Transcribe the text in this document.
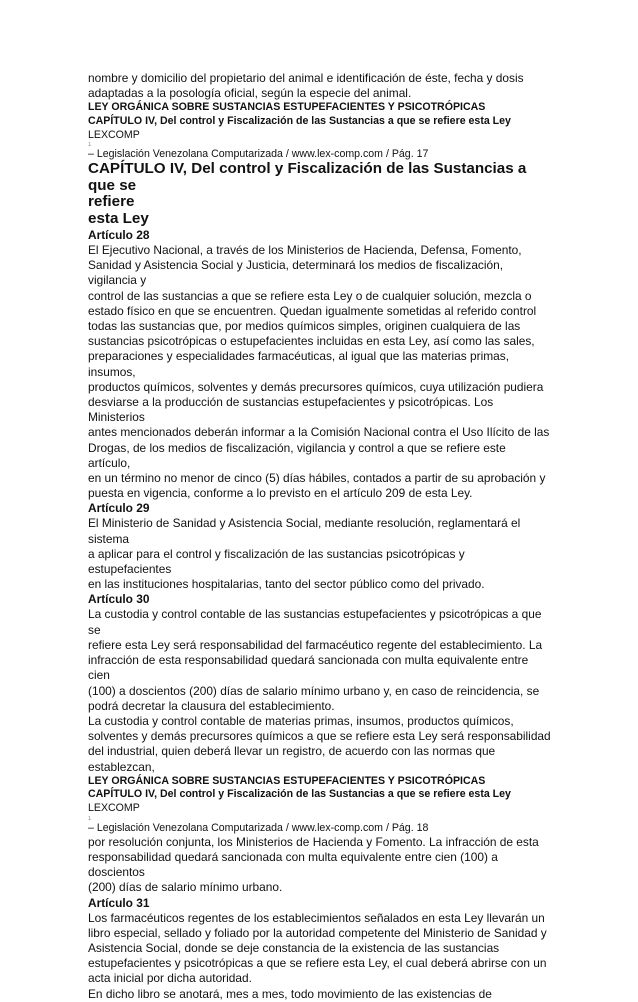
nombre y domicilio del propietario del animal e identificación de éste, fecha y dosis

adaptadas a la posología oficial, según la especie del animal.

LEY ORGÁNICA SOBRE SUSTANCIAS ESTUPEFACIENTES Y PSICOTRÓPICAS

CAPÍTULO IV, Del control y Fiscalización de las Sustancias a que se refiere esta Ley

LEXCOMP

1

– Legislación Venezolana Computarizada / www.lex-comp.com / Pág. 17

CAPÍTULO IV, Del control y Fiscalización de las Sustancias a que se

refiere

esta Ley

Artículo 28

El Ejecutivo Nacional, a través de los Ministerios de Hacienda, Defensa, Fomento,

Sanidad y Asistencia Social y Justicia, determinará los medios de fiscalización, vigilancia y

control de las sustancias a que se refiere esta Ley o de cualquier solución, mezcla o

estado físico en que se encuentren. Quedan igualmente sometidas al referido control

todas las sustancias que, por medios químicos simples, originen cualquiera de las

sustancias psicotrópicas o estupefacientes incluidas en esta Ley, así como las sales,

preparaciones y especialidades farmacéuticas, al igual que las materias primas, insumos,

productos químicos, solventes y demás precursores químicos, cuya utilización pudiera

desviarse a la producción de sustancias estupefacientes y psicotrópicas. Los Ministerios

antes mencionados deberán informar a la Comisión Nacional contra el Uso Ilícito de las

Drogas, de los medios de fiscalización, vigilancia y control a que se refiere este artículo,

en un término no menor de cinco (5) días hábiles, contados a partir de su aprobación y

puesta en vigencia, conforme a lo previsto en el artículo 209 de esta Ley.

Artículo 29

El Ministerio de Sanidad y Asistencia Social, mediante resolución, reglamentará el sistema

a aplicar para el control y fiscalización de las sustancias psicotrópicas y estupefacientes

en las instituciones hospitalarias, tanto del sector público como del privado.

Artículo 30

La custodia y control contable de las sustancias estupefacientes y psicotrópicas a que se

refiere esta Ley será responsabilidad del farmacéutico regente del establecimiento. La

infracción de esta responsabilidad quedará sancionada con multa equivalente entre cien

(100) a doscientos (200) días de salario mínimo urbano y, en caso de reincidencia, se

podrá decretar la clausura del establecimiento.

La custodia y control contable de materias primas, insumos, productos químicos,

solventes y demás precursores químicos a que se refiere esta Ley será responsabilidad

del industrial, quien deberá llevar un registro, de acuerdo con las normas que establezcan,

LEY ORGÁNICA SOBRE SUSTANCIAS ESTUPEFACIENTES Y PSICOTRÓPICAS

CAPÍTULO IV, Del control y Fiscalización de las Sustancias a que se refiere esta Ley

LEXCOMP

1

– Legislación Venezolana Computarizada / www.lex-comp.com / Pág. 18

por resolución conjunta, los Ministerios de Hacienda y Fomento. La infracción de esta

responsabilidad quedará sancionada con multa equivalente entre cien (100) a doscientos

(200) días de salario mínimo urbano.

Artículo 31

Los farmacéuticos regentes de los establecimientos señalados en esta Ley llevarán un

libro especial, sellado y foliado por la autoridad competente del Ministerio de Sanidad y

Asistencia Social, donde se deje constancia de la existencia de las sustancias

estupefacientes y psicotrópicas a que se refiere esta Ley, el cual deberá abrirse con un

acta inicial por dicha autoridad.

En dicho libro se anotará, mes a mes, todo movimiento de las existencias de
